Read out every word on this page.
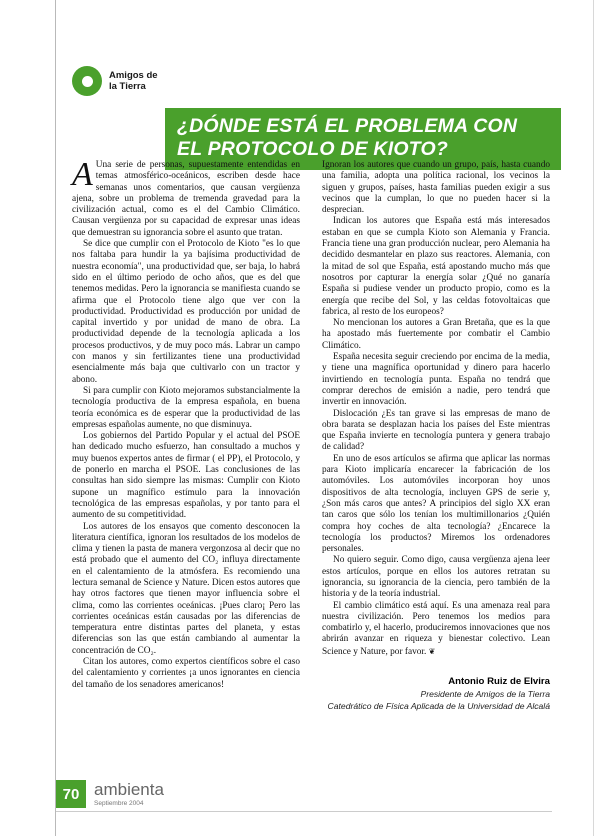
Amigos de
la Tierra
¿DÓNDE ESTÁ EL PROBLEMA CON
EL PROTOCOLO DE KIOTO?

A Una serie de personas, supuestamente entendidas en temas atmosférico-oceánicos, escriben desde hace semanas unos comentarios, que causan vergüenza ajena, sobre un problema de tremenda gravedad para la civilización actual, como es el del Cambio Climático. Causan vergüenza por su capacidad de expresar unas ideas que demuestran su ignorancia sobre el asunto que tratan.

Se dice que cumplir con el Protocolo de Kioto "es lo que nos faltaba para hundir la ya bajísima productividad de nuestra economía", una productividad que, ser baja, lo habrá sido en el último periodo de ocho años, que es del que tenemos medidas. Pero la ignorancia se manifiesta cuando se afirma que el Protocolo tiene algo que ver con la productividad. Productividad es producción por unidad de capital invertido y por unidad de mano de obra. La productividad depende de la tecnología aplicada a los procesos productivos, y de muy poco más. Labrar un campo con manos y sin fertilizantes tiene una productividad esencialmente más baja que cultivarlo con un tractor y abono.

Si para cumplir con Kioto mejoramos substancialmente la tecnología productiva de la empresa española, en buena teoría económica es de esperar que la productividad de las empresas españolas aumente, no que disminuya.

Los gobiernos del Partido Popular y el actual del PSOE han dedicado mucho esfuerzo, han consultado a muchos y muy buenos expertos antes de firmar ( el PP), el Protocolo, y de ponerlo en marcha el PSOE. Las conclusiones de las consultas han sido siempre las mismas: Cumplir con Kioto supone un magnífico estímulo para la innovación tecnológica de las empresas españolas, y por tanto para el aumento de su competitividad.

Los autores de los ensayos que comento desconocen la literatura científica, ignoran los resultados de los modelos de clima y tienen la pasta de manera vergonzosa al decir que no está probado que el aumento del CO₂ influya directamente en el calentamiento de la atmósfera. Es recomiendo una lectura semanal de Science y Nature. Dicen estos autores que hay otros factores que tienen mayor influencia sobre el clima, como las corrientes oceánicas. ¡Pues claro¡ Pero las corrientes oceánicas están causadas por las diferencias de temperatura entre distintas partes del planeta, y estas diferencias son las que están cambiando al aumentar la concentración de CO₂.

Citan los autores, como expertos científicos sobre el caso del calentamiento y corrientes ¡a unos ignorantes en ciencia del tamaño de los senadores americanos!

Ignoran los autores que cuando un grupo, país, hasta cuando una familia, adopta una política racional, los vecinos la siguen y grupos, países, hasta familias pueden exigir a sus vecinos que la cumplan, lo que no pueden hacer si la desprecian.

Indican los autores que España está más interesados estaban en que se cumpla Kioto son Alemania y Francia. Francia tiene una gran producción nuclear, pero Alemania ha decidido desmantelar en plazo sus reactores. Alemania, con la mitad de sol que España, está apostando mucho más que nosotros por capturar la energía solar ¿Qué no ganaría España si pudiese vender un producto propio, como es la energía que recibe del Sol, y las celdas fotovoltaicas que fabrica, al resto de los europeos?

No mencionan los autores a Gran Bretaña, que es la que ha apostado más fuertemente por combatir el Cambio Climático.

España necesita seguir creciendo por encima de la media, y tiene una magnífica oportunidad y dinero para hacerlo invirtiendo en tecnología punta. España no tendrá que comprar derechos de emisión a nadie, pero tendrá que invertir en innovación.

Dislocación ¿Es tan grave si las empresas de mano de obra barata se desplazan hacia los países del Este mientras que España invierte en tecnología puntera y genera trabajo de calidad?

En uno de esos artículos se afirma que aplicar las normas para Kioto implicaría encarecer la fabricación de los automóviles. Los automóviles incorporan hoy unos dispositivos de alta tecnología, incluyen GPS de serie y, ¿Son más caros que antes? A principios del siglo XX eran tan caros que sólo los tenían los multimillonarios ¿Quién compra hoy coches de alta tecnología? ¿Encarece la tecnología los productos? Miremos los ordenadores personales.

No quiero seguir. Como digo, causa vergüenza ajena leer estos artículos, porque en ellos los autores retratan su ignorancia, su ignorancia de la ciencia, pero también de la historia y de la teoría industrial.

El cambio climático está aquí. Es una amenaza real para nuestra civilización. Pero tenemos los medios para combatirlo y, el hacerlo, produciremos innovaciones que nos abrirán avanzar en riqueza y bienestar colectivo. Lean Science y Nature, por favor. ❦

Antonio Ruiz de Elvira
Presidente de Amigos de la Tierra
Catedrático de Física Aplicada de la Universidad de Alcalá
70 ambienta
Septiembre 2004
